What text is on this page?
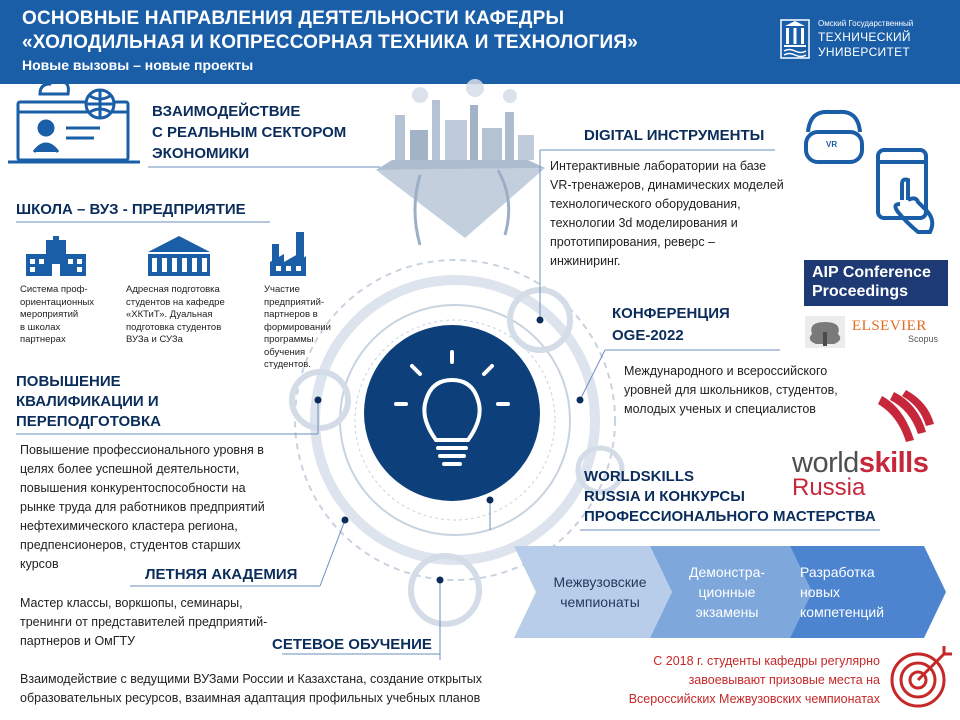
ОСНОВНЫЕ НАПРАВЛЕНИЯ ДЕЯТЕЛЬНОСТИ КАФЕДРЫ
«ХОЛОДИЛЬНАЯ И КОПРЕССОРНАЯ ТЕХНИКА И ТЕХНОЛОГИЯ»
Новые вызовы – новые проекты
Омский Государственный
ТЕХНИЧЕСКИЙ
УНИВЕРСИТЕТ
ВЗАИМОДЕЙСТВИЕ
С РЕАЛЬНЫМ СЕКТОРОМ
ЭКОНОМИКИ
ШКОЛА – ВУЗ - ПРЕДПРИЯТИЕ
Система проф-
ориентационных
мероприятий
в школах
партнерах
Адресная подготовка
студентов на кафедре
«ХКТиТ». Дуальная
подготовка студентов
ВУЗа и СУЗа
Участие
предприятий-
партнеров в
формировании
программы
обучения
студентов.
ПОВЫШЕНИЕ
КВАЛИФИКАЦИИ И
ПЕРЕПОДГОТОВКА
Повышение профессионального уровня в
целях более успешной деятельности,
повышения конкурентоспособности на
рынке труда для работников предприятий
нефтехимического кластера региона,
предпенсионеров, студентов старших
курсов
ЛЕТНЯЯ АКАДЕМИЯ
Мастер классы, воркшопы, семинары,
тренинги от представителей предприятий-
партнеров и ОмГТУ	СЕТЕВОЕ ОБУЧЕНИЕ
Взаимодействие с ведущими ВУЗами России и Казахстана, создание открытых
образовательных ресурсов, взаимная адаптация профильных учебных планов
DIGITAL ИНСТРУМЕНТЫ
VR
Интерактивные лаборатории на базе
VR-тренажеров, динамических моделей
технологического оборудования,
технологии 3d моделирования и
прототипирования, реверс –
инжиниринг.
КОНФЕРЕНЦИЯ
OGE-2022
Международного и всероссийского
уровней для школьников, студентов,
молодых ученых и специалистов
AIP Conference
Proceedings
ELSEVIER
Scopus
WORLDSKILLS
RUSSIA И КОНКУРСЫ
ПРОФЕССИОНАЛЬНОГО МАСТЕРСТВА
worldskills
Russia
Межвузовские
чемпионаты
Демонстра-
ционные
экзамены
Разработка
новых
компетенций
С 2018 г. студенты кафедры регулярно
завоевывают призовые места на
Всероссийских Межвузовских чемпионатах
